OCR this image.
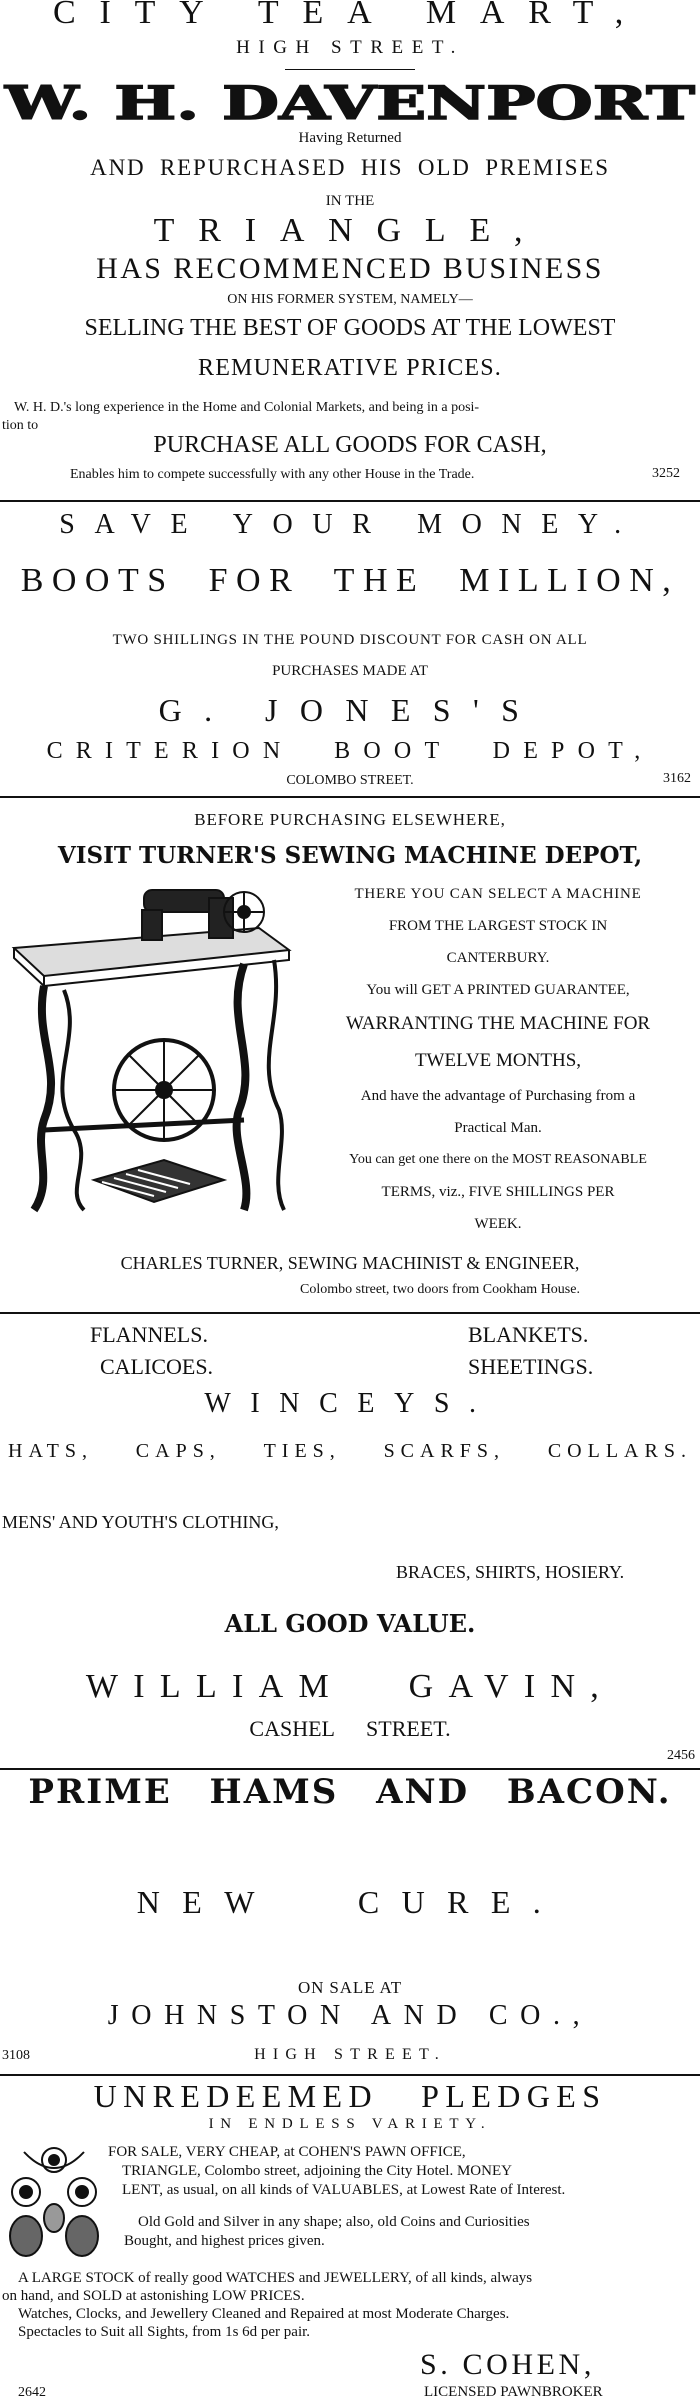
CITY TEA MART,
HIGH STREET.
W. H. DAVENPORT
Having Returned
AND REPURCHASED HIS OLD PREMISES
IN THE
TRIANGLE,
HAS RECOMMENCED BUSINESS
ON HIS FORMER SYSTEM, NAMELY—
SELLING THE BEST OF GOODS AT THE LOWEST
REMUNERATIVE PRICES.
W. H. D.'s long experience in the Home and Colonial Markets, and being in a posi-
tion to
PURCHASE ALL GOODS FOR CASH,
Enables him to compete successfully with any other House in the Trade.	3252
SAVE YOUR MONEY.
BOOTS FOR THE MILLION,
TWO SHILLINGS IN THE POUND DISCOUNT FOR CASH ON ALL
PURCHASES MADE AT
G. JONES'S
CRITERION BOOT DEPOT,
COLOMBO STREET.	3162
BEFORE PURCHASING ELSEWHERE,
VISIT TURNER'S SEWING MACHINE DEPOT,
THERE YOU CAN SELECT A MACHINE
FROM THE LARGEST STOCK IN
CANTERBURY.
You will GET A PRINTED GUARANTEE,
WARRANTING THE MACHINE FOR
TWELVE MONTHS,
And have the advantage of Purchasing from a
Practical Man.
You can get one there on the MOST REASONABLE
TERMS, viz., FIVE SHILLINGS PER
WEEK.
CHARLES TURNER, SEWING MACHINIST & ENGINEER,
Colombo street, two doors from Cookham House.
FLANNELS.	BLANKETS.
CALICOES.	SHEETINGS.
WINCEYS.
HATS, CAPS, TIES, SCARFS, COLLARS.
MENS' AND YOUTH'S CLOTHING,
BRACES, SHIRTS, HOSIERY.
ALL GOOD VALUE.
WILLIAM GAVIN,
CASHEL STREET.
2456
PRIME HAMS AND BACON.
NEW CURE.
ON SALE AT
JOHNSTON AND CO.,
3108	HIGH STREET.
UNREDEEMED PLEDGES
IN ENDLESS VARIETY.
FOR SALE, VERY CHEAP, at COHEN'S PAWN OFFICE,
TRIANGLE, Colombo street, adjoining the City Hotel. MONEY
LENT, as usual, on all kinds of VALUABLES, at Lowest Rate of Interest.
Old Gold and Silver in any shape; also, old Coins and Curiosities
Bought, and highest prices given.
A LARGE STOCK of really good WATCHES and JEWELLERY, of all kinds, always
on hand, and SOLD at astonishing LOW PRICES.
Watches, Clocks, and Jewellery Cleaned and Repaired at most Moderate Charges.
Spectacles to Suit all Sights, from 1s 6d per pair.
S. COHEN,
2642	LICENSED PAWNBROKER
